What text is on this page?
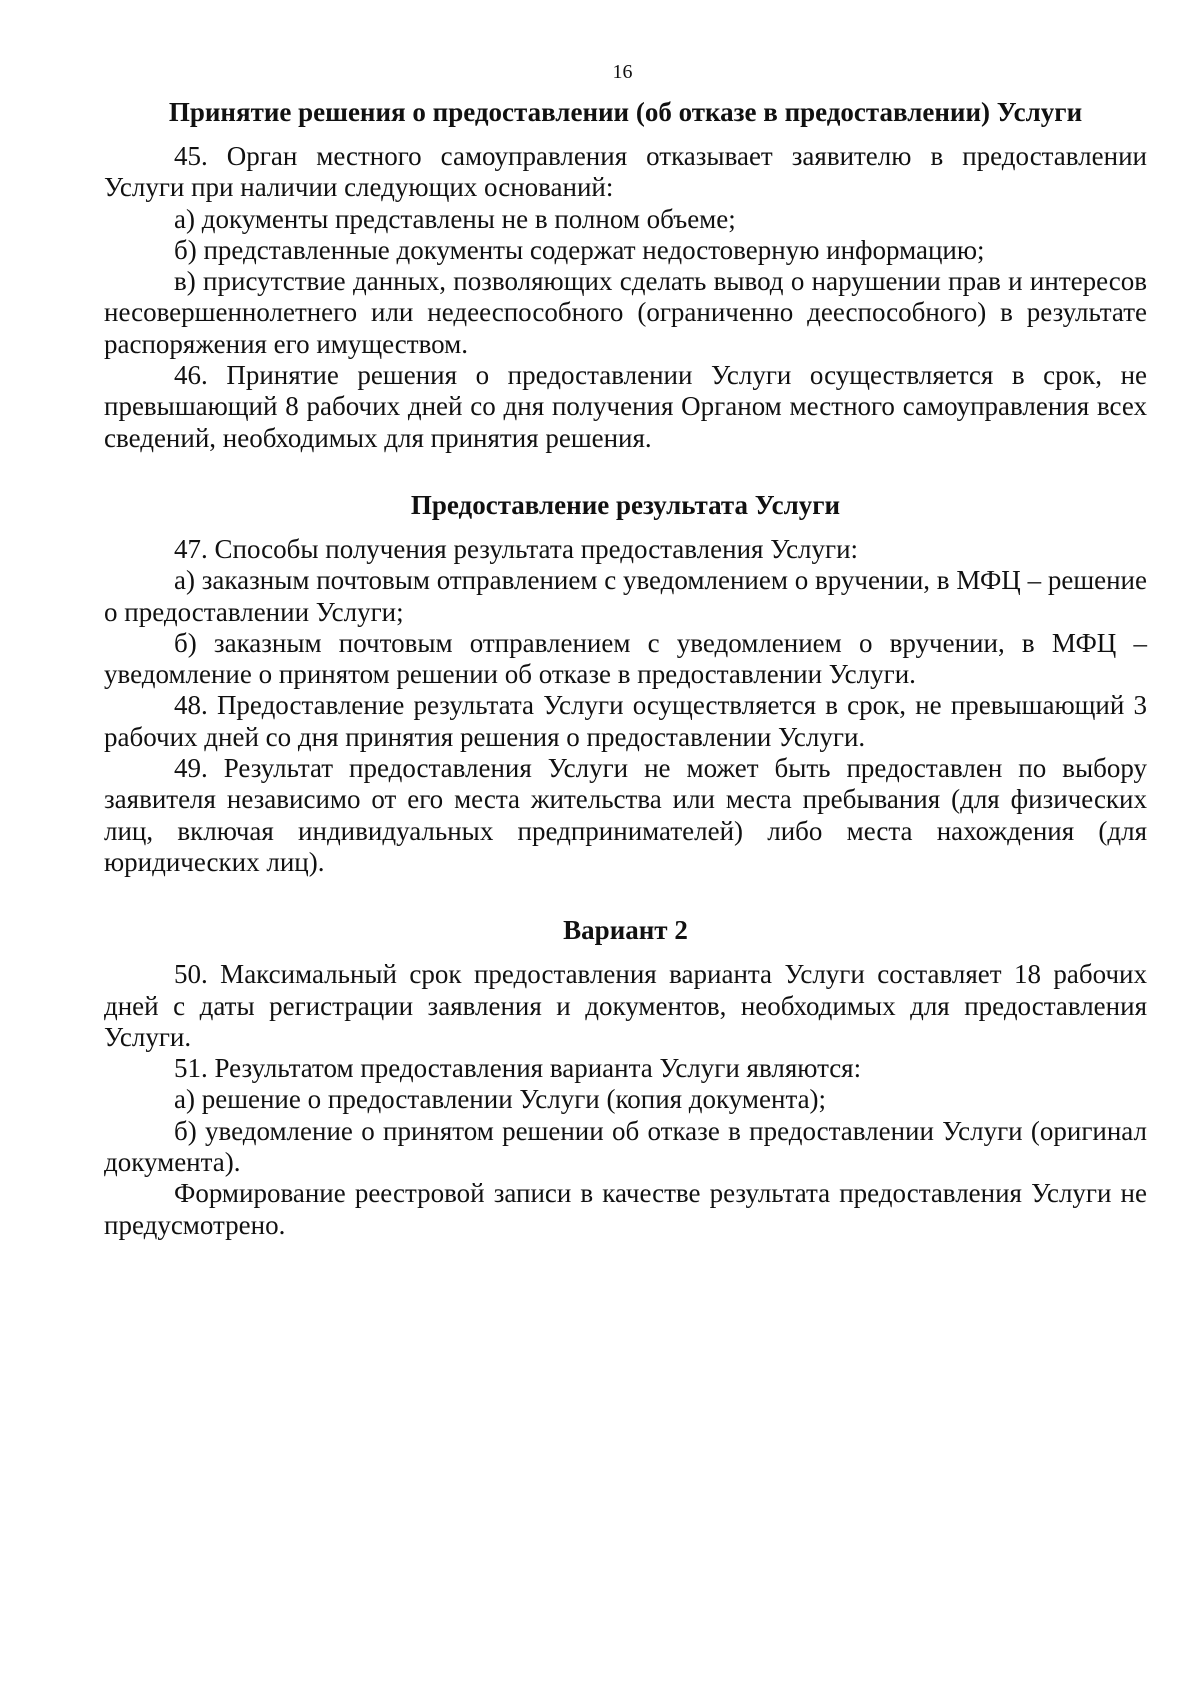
16
Принятие решения о предоставлении (об отказе в предоставлении) Услуги

45. Орган местного самоуправления отказывает заявителю в предоставлении Услуги при наличии следующих оснований:

а) документы представлены не в полном объеме;

б) представленные документы содержат недостоверную информацию;

в) присутствие данных, позволяющих сделать вывод о нарушении прав и интересов несовершеннолетнего или недееспособного (ограниченно дееспособного) в результате распоряжения его имуществом.

46. Принятие решения о предоставлении Услуги осуществляется в срок, не превышающий 8 рабочих дней со дня получения Органом местного самоуправления всех сведений, необходимых для принятия решения.

Предоставление результата Услуги

47. Способы получения результата предоставления Услуги:

а) заказным почтовым отправлением с уведомлением о вручении, в МФЦ – решение о предоставлении Услуги;

б) заказным почтовым отправлением с уведомлением о вручении, в МФЦ – уведомление о принятом решении об отказе в предоставлении Услуги.

48. Предоставление результата Услуги осуществляется в срок, не превышающий 3 рабочих дней со дня принятия решения о предоставлении Услуги.

49. Результат предоставления Услуги не может быть предоставлен по выбору заявителя независимо от его места жительства или места пребывания (для физических лиц, включая индивидуальных предпринимателей) либо места нахождения (для юридических лиц).

Вариант 2

50. Максимальный срок предоставления варианта Услуги составляет 18 рабочих дней с даты регистрации заявления и документов, необходимых для предоставления Услуги.

51. Результатом предоставления варианта Услуги являются:

а) решение о предоставлении Услуги (копия документа);

б) уведомление о принятом решении об отказе в предоставлении Услуги (оригинал документа).

Формирование реестровой записи в качестве результата предоставления Услуги не предусмотрено.
